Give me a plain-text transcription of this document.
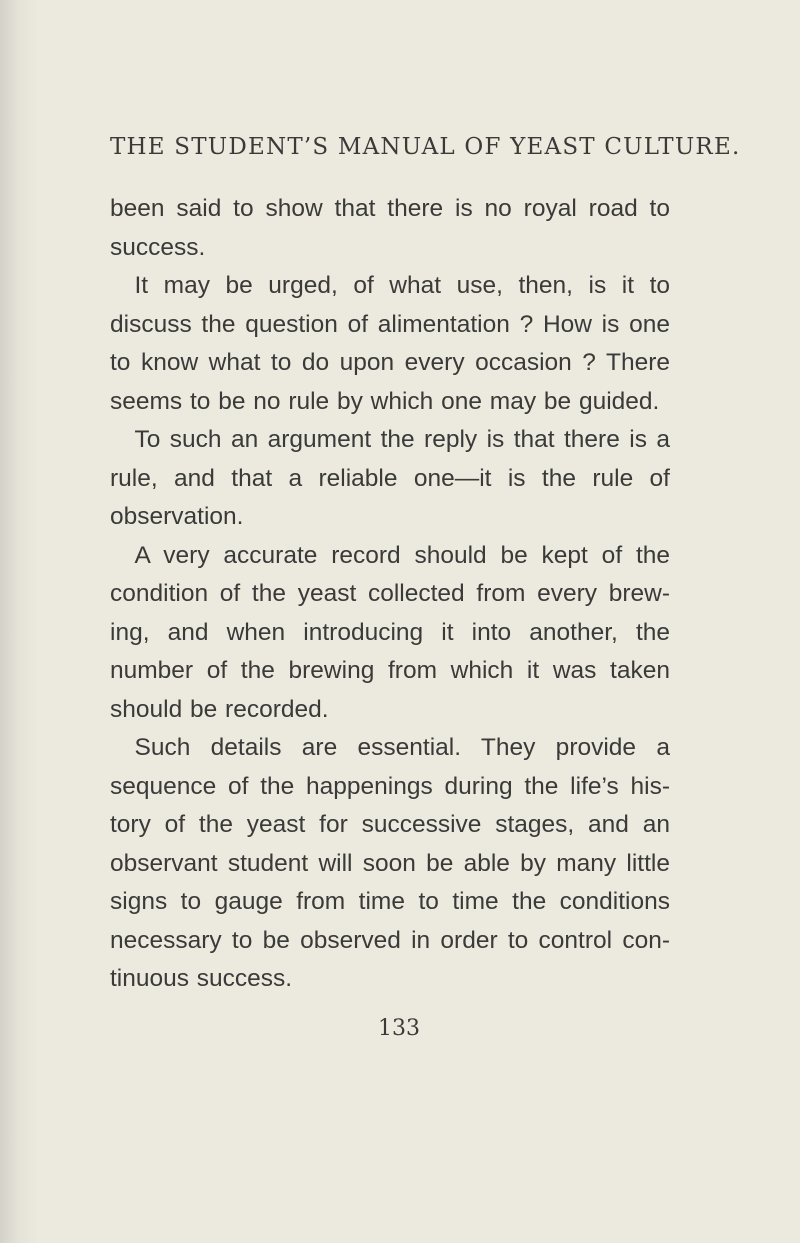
THE STUDENT’S MANUAL OF YEAST CULTURE.

been said to show that there is no royal road to success.

It may be urged, of what use, then, is it to discuss the question of alimentation ? How is one to know what to do upon every occasion ? There seems to be no rule by which one may be guided.

To such an argument the reply is that there is a rule, and that a reliable one—it is the rule of observation.

A very accurate record should be kept of the condition of the yeast collected from every brew- ing, and when introducing it into another, the number of the brewing from which it was taken should be recorded.

Such details are essential. They provide a sequence of the happenings during the life’s his- tory of the yeast for successive stages, and an observant student will soon be able by many little signs to gauge from time to time the conditions necessary to be observed in order to control con- tinuous success.

133
